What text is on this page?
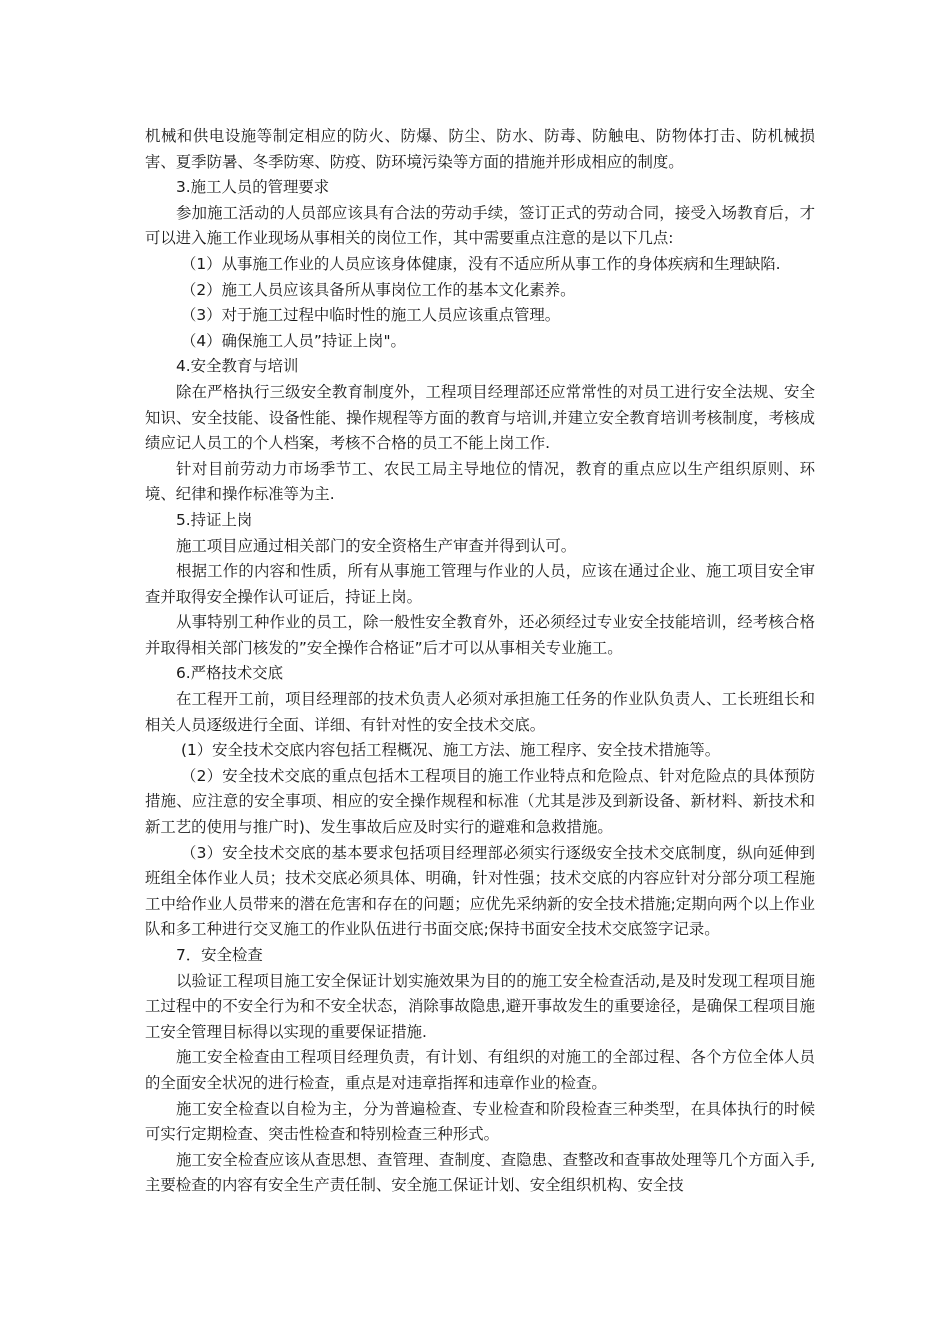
机械和供电设施等制定相应的防火、防爆、防尘、防水、防毒、防触电、防物体打击、防机械损害、夏季防暑、冬季防寒、防疫、防环境污染等方面的措施并形成相应的制度。

3.施工人员的管理要求

参加施工活动的人员部应该具有合法的劳动手续，签订正式的劳动合同，接受入场教育后，才可以进入施工作业现场从事相关的岗位工作，其中需要重点注意的是以下几点:

（1）从事施工作业的人员应该身体健康，没有不适应所从事工作的身体疾病和生理缺陷.

（2）施工人员应该具备所从事岗位工作的基本文化素养。

（3）对于施工过程中临时性的施工人员应该重点管理。

（4）确保施工人员”持证上岗"。

4.安全教育与培训

除在严格执行三级安全教育制度外，工程项目经理部还应常常性的对员工进行安全法规、安全知识、安全技能、设备性能、操作规程等方面的教育与培训,并建立安全教育培训考核制度，考核成绩应记人员工的个人档案，考核不合格的员工不能上岗工作.

针对目前劳动力市场季节工、农民工局主导地位的情况，教育的重点应以生产组织原则、环境、纪律和操作标准等为主.

5.持证上岗

施工项目应通过相关部门的安全资格生产审查并得到认可。

根据工作的内容和性质，所有从事施工管理与作业的人员，应该在通过企业、施工项目安全审查并取得安全操作认可证后，持证上岗。

从事特别工种作业的员工，除一般性安全教育外，还必须经过专业安全技能培训，经考核合格并取得相关部门核发的”安全操作合格证”后才可以从事相关专业施工。

6.严格技术交底

在工程开工前，项目经理部的技术负责人必须对承担施工任务的作业队负责人、工长班组长和相关人员逐级进行全面、详细、有针对性的安全技术交底。

(1）安全技术交底内容包括工程概况、施工方法、施工程序、安全技术措施等。

（2）安全技术交底的重点包括木工程项目的施工作业特点和危险点、针对危险点的具体预防措施、应注意的安全事项、相应的安全操作规程和标准（尤其是涉及到新设备、新材料、新技术和新工艺的使用与推广时)、发生事故后应及时实行的避难和急救措施。

（3）安全技术交底的基本要求包括项目经理部必须实行逐级安全技术交底制度，纵向延伸到班组全体作业人员；技术交底必须具体、明确，针对性强；技术交底的内容应针对分部分项工程施工中给作业人员带来的潜在危害和存在的问题；应优先采纳新的安全技术措施;定期向两个以上作业队和多工种进行交叉施工的作业队伍进行书面交底;保持书面安全技术交底签字记录。

7．安全检查

以验证工程项目施工安全保证计划实施效果为目的的施工安全检查活动,是及时发现工程项目施工过程中的不安全行为和不安全状态，消除事故隐患,避开事故发生的重要途径，是确保工程项目施工安全管理目标得以实现的重要保证措施.

施工安全检查由工程项目经理负责，有计划、有组织的对施工的全部过程、各个方位全体人员的全面安全状况的进行检查，重点是对违章指挥和违章作业的检查。

施工安全检查以自检为主，分为普遍检查、专业检查和阶段检查三种类型，在具体执行的时候可实行定期检查、突击性检查和特别检查三种形式。

施工安全检查应该从查思想、查管理、查制度、查隐患、查整改和查事故处理等几个方面入手,主要检查的内容有安全生产责任制、安全施工保证计划、安全组织机构、安全技
